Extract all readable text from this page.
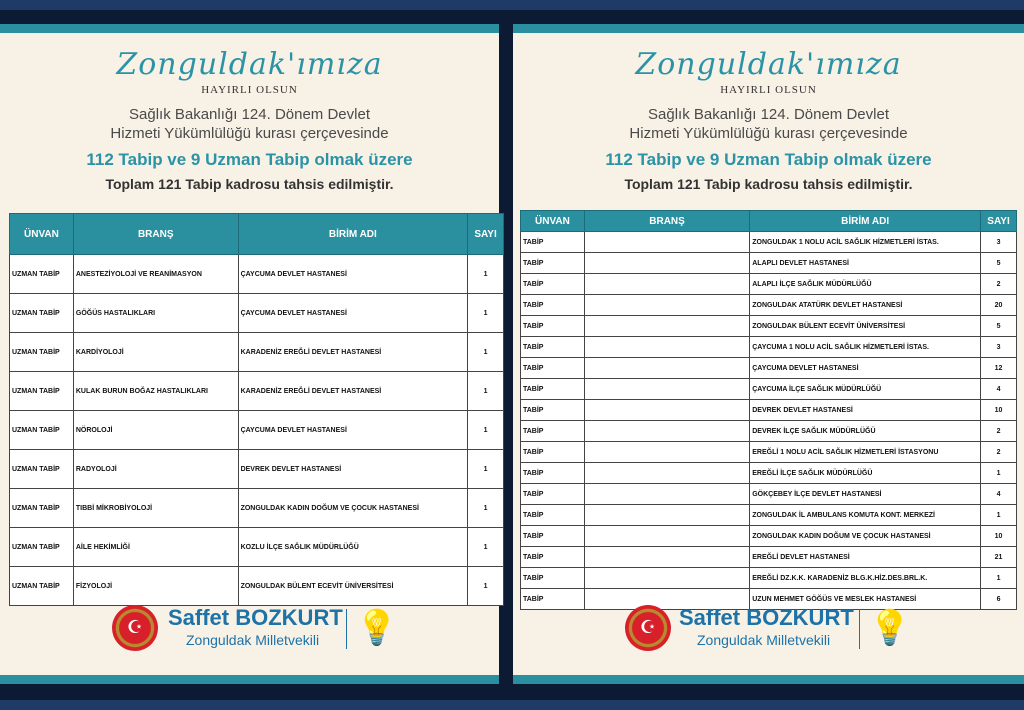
Zonguldak'ımıza
HAYIRLI OLSUN
Sağlık Bakanlığı 124. Dönem Devlet
Hizmeti Yükümlülüğü kurası çerçevesinde
112 Tabip ve 9 Uzman Tabip olmak üzere
Toplam 121 Tabip kadrosu tahsis edilmiştir.
ÜNVAN	BRANŞ	BİRİM ADI	SAYI
UZMAN TABİP	ANESTEZİYOLOJİ VE REANİMASYON	ÇAYCUMA DEVLET HASTANESİ	1
UZMAN TABİP	GÖĞÜS HASTALIKLARI	ÇAYCUMA DEVLET HASTANESİ	1
UZMAN TABİP	KARDİYOLOJİ	KARADENİZ EREĞLİ DEVLET HASTANESİ	1
UZMAN TABİP	KULAK BURUN BOĞAZ HASTALIKLARI	KARADENİZ EREĞLİ DEVLET HASTANESİ	1
UZMAN TABİP	NÖROLOJİ	ÇAYCUMA DEVLET HASTANESİ	1
UZMAN TABİP	RADYOLOJİ	DEVREK DEVLET HASTANESİ	1
UZMAN TABİP	TIBBİ MİKROBİYOLOJİ	ZONGULDAK KADIN DOĞUM VE ÇOCUK HASTANESİ	1
UZMAN TABİP	AİLE HEKİMLİĞİ	KOZLU İLÇE SAĞLIK MÜDÜRLÜĞÜ	1
UZMAN TABİP	FİZYOLOJİ	ZONGULDAK BÜLENT ECEVİT ÜNİVERSİTESİ	1
☪	Saffet BOZKURT
Zonguldak Milletvekili 💡
Zonguldak'ımıza
HAYIRLI OLSUN
Sağlık Bakanlığı 124. Dönem Devlet
Hizmeti Yükümlülüğü kurası çerçevesinde
112 Tabip ve 9 Uzman Tabip olmak üzere
Toplam 121 Tabip kadrosu tahsis edilmiştir.
ÜNVAN	BRANŞ	BİRİM ADI	SAYI
TABİP		ZONGULDAK 1 NOLU ACİL SAĞLIK HİZMETLERİ İSTAS.	3
TABİP		ALAPLI DEVLET HASTANESİ	5
TABİP		ALAPLI İLÇE SAĞLIK MÜDÜRLÜĞÜ	2
TABİP		ZONGULDAK ATATÜRK DEVLET HASTANESİ	20
TABİP		ZONGULDAK BÜLENT ECEVİT ÜNİVERSİTESİ	5
TABİP		ÇAYCUMA 1 NOLU ACİL SAĞLIK HİZMETLERİ İSTAS.	3
TABİP		ÇAYCUMA DEVLET HASTANESİ	12
TABİP		ÇAYCUMA İLÇE SAĞLIK MÜDÜRLÜĞÜ	4
TABİP		DEVREK DEVLET HASTANESİ	10
TABİP		DEVREK İLÇE SAĞLIK MÜDÜRLÜĞÜ	2
TABİP		EREĞLİ 1 NOLU ACİL SAĞLIK HİZMETLERİ İSTASYONU	2
TABİP		EREĞLİ İLÇE SAĞLIK MÜDÜRLÜĞÜ	1
TABİP		GÖKÇEBEY İLÇE DEVLET HASTANESİ	4
TABİP		ZONGULDAK İL AMBULANS KOMUTA KONT. MERKEZİ	1
TABİP		ZONGULDAK KADIN DOĞUM VE ÇOCUK HASTANESİ	10
TABİP		EREĞLİ DEVLET HASTANESİ	21
TABİP		EREĞLİ DZ.K.K. KARADENİZ BLG.K.HİZ.DES.BRL.K.	1
TABİP		UZUN MEHMET GÖĞÜS VE MESLEK HASTANESİ	6
☪	Saffet BOZKURT
Zonguldak Milletvekili 💡
